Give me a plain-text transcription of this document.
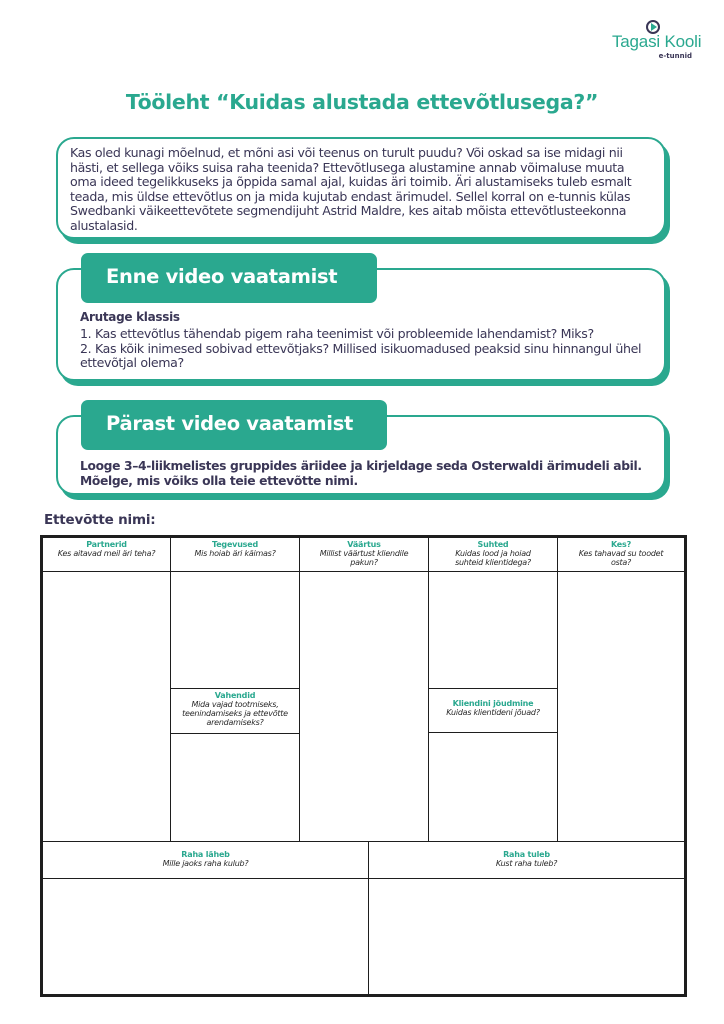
Tagasi Kooli
e-tunnid
Tööleht “Kuidas alustada ettevõtlusega?”

Kas oled kunagi mõelnud, et mõni asi või teenus on turult puudu? Või oskad sa ise midagi nii hästi, et sellega võiks suisa raha teenida? Ettevõtlusega alustamine annab võimaluse muuta oma ideed tegelikkuseks ja õppida samal ajal, kuidas äri toimib. Äri alustamiseks tuleb esmalt teada, mis üldse ettevõtlus on ja mida kujutab endast ärimudel. Sellel korral on e-tunnis külas Swedbanki väikeettevõtete segmendijuht Astrid Maldre, kes aitab mõista ettevõtlusteekonna alustalasid.

Enne video vaatamist
Arutage klassis
1. Kas ettevõtlus tähendab pigem raha teenimist või probleemide lahendamist? Miks?
2. Kas kõik inimesed sobivad ettevõtjaks? Millised isikuomadused peaksid sinu hinnangul ühel ettevõtjal olema?
Pärast video vaatamist
Looge 3–4-liikmelistes gruppides äriidee ja kirjeldage seda Osterwaldi ärimudeli abil. Mõelge, mis võiks olla teie ettevõtte nimi.
Ettevõtte nimi:
Partnerid
Kes aitavad meil äri teha?
Tegevused
Mis hoiab äri käimas?
Väärtus
Millist väärtust kliendile pakun?
Suhted
Kuidas lood ja hoiad suhteid klientidega?
Kes?
Kes tahavad su toodet osta?
Vahendid
Mida vajad tootmiseks, teenindamiseks ja ettevõtte arendamiseks?
Kliendini jõudmine
Kuidas klientideni jõuad?
Raha läheb
Mille jaoks raha kulub?
Raha tuleb
Kust raha tuleb?
